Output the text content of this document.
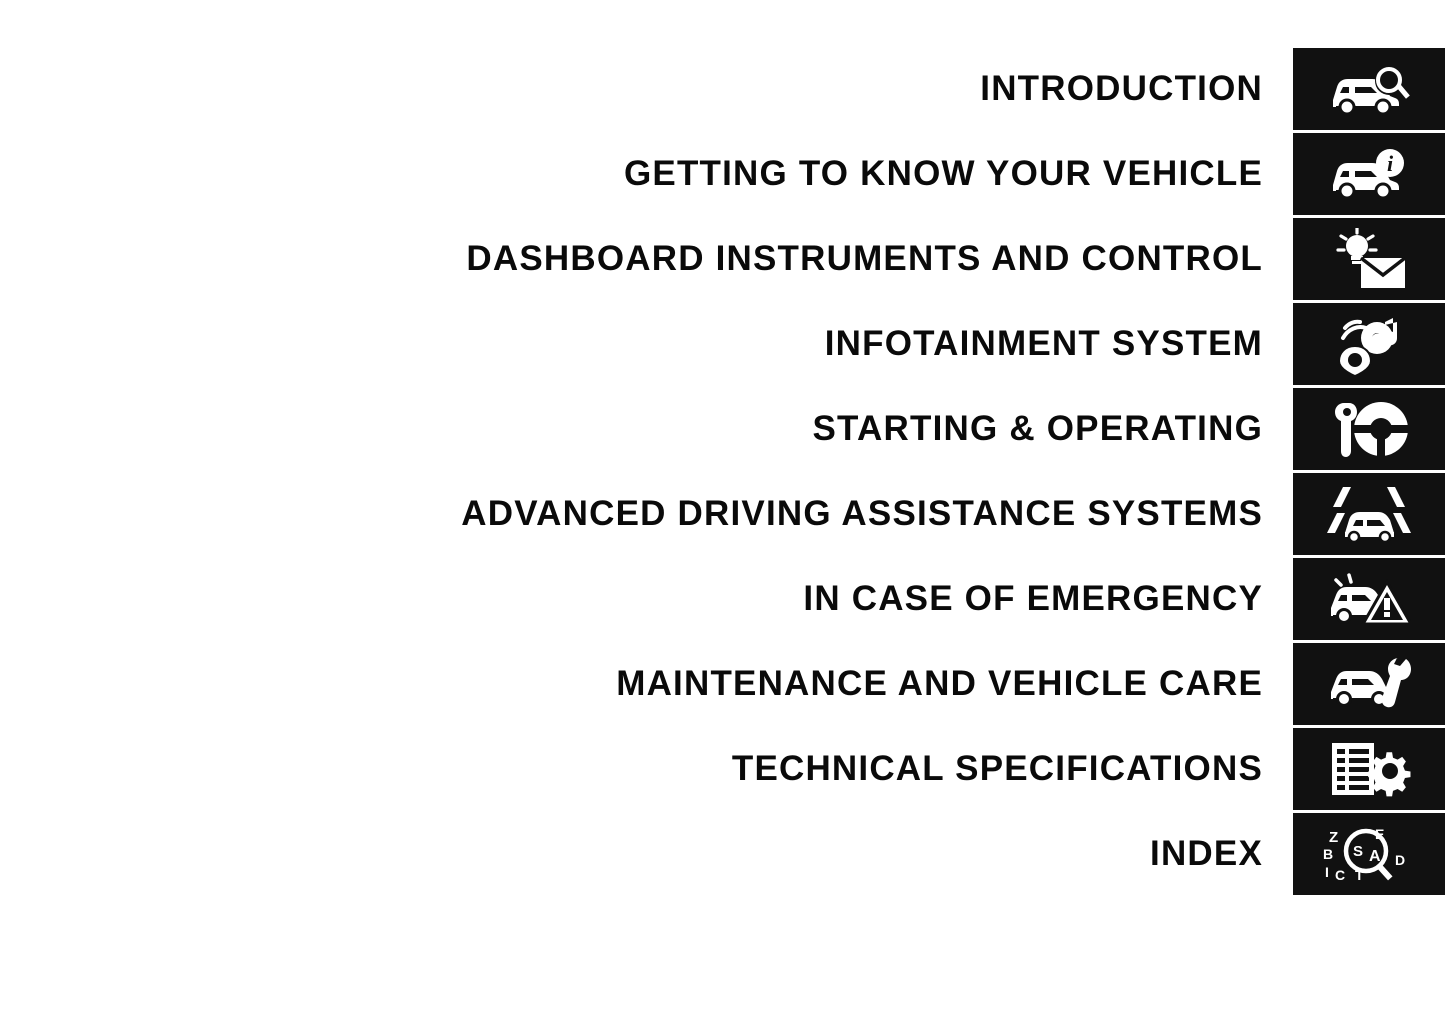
INTRODUCTION
GETTING TO KNOW YOUR VEHICLE	i
DASHBOARD INSTRUMENTS AND CONTROL
INFOTAINMENT SYSTEM
STARTING & OPERATING
ADVANCED DRIVING ASSISTANCE SYSTEMS
IN CASE OF EMERGENCY
MAINTENANCE AND VEHICLE CARE
TECHNICAL SPECIFICATIONS
INDEX	Z
B
I C T
A
E
D
S
